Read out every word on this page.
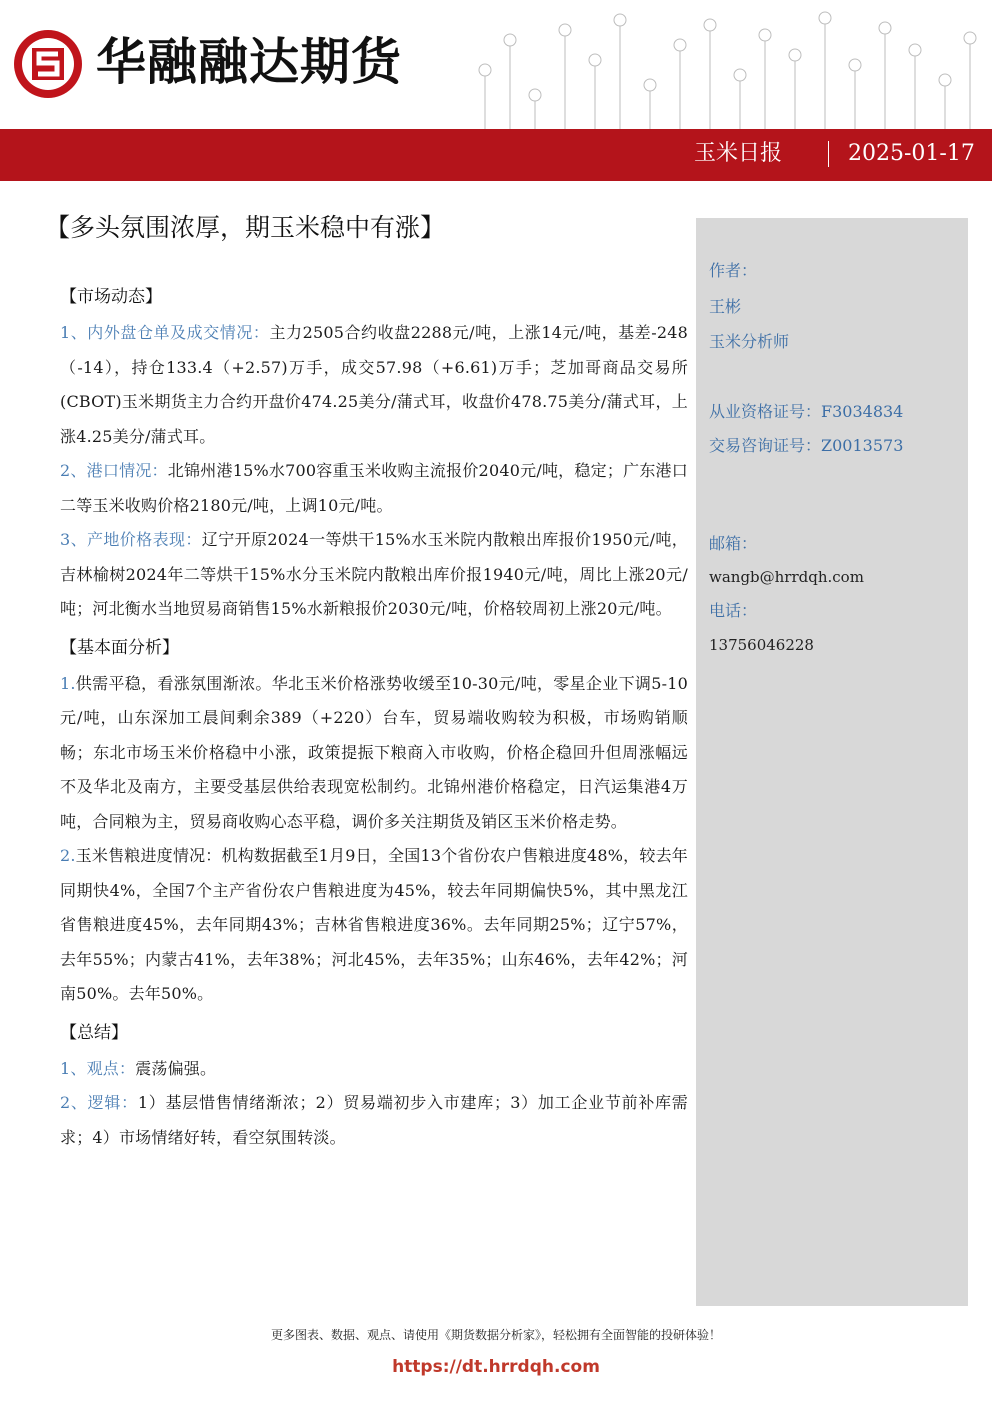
华融融达期货
玉米日报	2025-01-17
【多头氛围浓厚，期玉米稳中有涨】
【市场动态】

1、内外盘仓单及成交情况：主力2505合约收盘2288元/吨，上涨14元/吨，基差-248（-14），持仓133.4（+2.57)万手，成交57.98（+6.61)万手；芝加哥商品交易所(CBOT)玉米期货主力合约开盘价474.25美分/蒲式耳，收盘价478.75美分/蒲式耳，上涨4.25美分/蒲式耳。

2、港口情况：北锦州港15%水700容重玉米收购主流报价2040元/吨，稳定；广东港口二等玉米收购价格2180元/吨，上调10元/吨。

3、产地价格表现：辽宁开原2024一等烘干15%水玉米院内散粮出库报价1950元/吨，吉林榆树2024年二等烘干15%水分玉米院内散粮出库价报1940元/吨，周比上涨20元/吨；河北衡水当地贸易商销售15%水新粮报价2030元/吨，价格较周初上涨20元/吨。

【基本面分析】

1.供需平稳，看涨氛围渐浓。华北玉米价格涨势收缓至10-30元/吨，零星企业下调5-10元/吨，山东深加工晨间剩余389（+220）台车，贸易端收购较为积极，市场购销顺畅；东北市场玉米价格稳中小涨，政策提振下粮商入市收购，价格企稳回升但周涨幅远不及华北及南方，主要受基层供给表现宽松制约。北锦州港价格稳定，日汽运集港4万吨，合同粮为主，贸易商收购心态平稳，调价多关注期货及销区玉米价格走势。

2.玉米售粮进度情况：机构数据截至1月9日，全国13个省份农户售粮进度48%，较去年同期快4%，全国7个主产省份农户售粮进度为45%，较去年同期偏快5%，其中黑龙江省售粮进度45%，去年同期43%；吉林省售粮进度36%。去年同期25%；辽宁57%，去年55%；内蒙古41%，去年38%；河北45%，去年35%；山东46%，去年42%；河南50%。去年50%。

【总结】

1、观点：震荡偏强。

2、逻辑：1）基层惜售情绪渐浓；2）贸易端初步入市建库；3）加工企业节前补库需求；4）市场情绪好转，看空氛围转淡。

作者：
王彬
玉米分析师
从业资格证号：F3034834
交易咨询证号：Z0013573
邮箱：
wangb@hrrdqh.com
电话：
13756046228
更多图表、数据、观点、请使用《期货数据分析家》，轻松拥有全面智能的投研体验！
https://dt.hrrdqh.com
